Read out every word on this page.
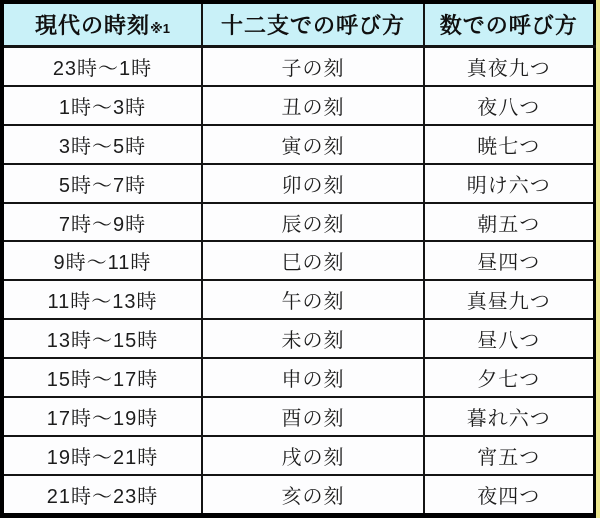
現代の時刻※1	十二支での呼び方	数での呼び方
23時〜1時	子の刻	真夜九つ
1時〜3時	丑の刻	夜八つ
3時〜5時	寅の刻	暁七つ
5時〜7時	卯の刻	明け六つ
7時〜9時	辰の刻	朝五つ
9時〜11時	巳の刻	昼四つ
11時〜13時	午の刻	真昼九つ
13時〜15時	未の刻	昼八つ
15時〜17時	申の刻	夕七つ
17時〜19時	酉の刻	暮れ六つ
19時〜21時	戌の刻	宵五つ
21時〜23時	亥の刻	夜四つ
